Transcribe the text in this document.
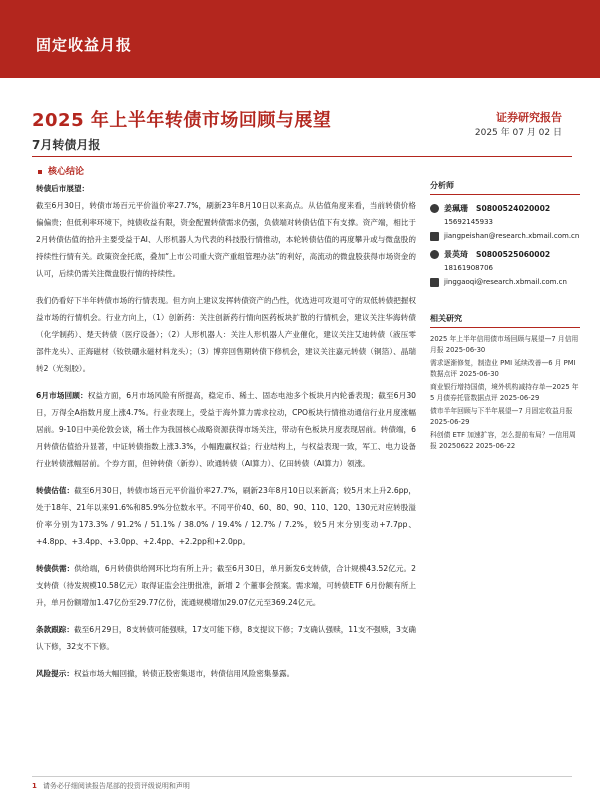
固定收益月报
2025 年上半年转债市场回顾与展望	证券研究报告
2025 年 07 月 02 日
7月转债月报
核心结论

转债后市展望：

截至6月30日，转债市场百元平价溢价率27.7%，刷新23年8月10日以来高点。从估值角度来看，当前转债价格偏偏贵；但低利率环境下，纯债收益有限，资金配置转债需求仍强，负债端对转债估值下有支撑。资产端，相比于2月转债估值的拾升主要受益于AI、人形机器人为代表的科技股行情推动，本轮转债估值的再度攀升或与微盘股的持续性行情有关。政策资金托底，叠加“上市公司重大资产重组管理办法”的利好，高流动的微盘股获得市场资金的认可，后续仍需关注微盘股行情的持续性。

我们仍看好下半年转债市场的行情表现。但方向上建议发挥转债资产的凸性，优选进可攻退可守的双低转债把握权益市场的行情机会。行业方向上，（1）创新药：关注创新药行情向医药板块扩散的行情机会，建议关注华海转债（化学制药）、楚天转债（医疗设备）；（2）人形机器人：关注人形机器人产业催化，建议关注艾迪转债（液压零部件龙头）、正海磁材（钕铁硼永磁材料龙头）；（3）博弈回售期转债下修机会，建议关注嘉元转债（铜箔）、晶瑞转2（光刻胶）。

6月市场回顾：权益方面，6月市场风险有所提高，稳定币、稀土、固态电池多个板块月内轮番表现；截至6月30日，万得全A指数月度上涨4.7%。行业表现上，受益于海外算力需求拉动，CPO板块行情推动通信行业月度涨幅居前。9-10日中美伦敦会谈，稀土作为我国核心战略资源获得市场关注，带动有色板块月度表现居前。转债端，6月转债估值拾升显著，中证转债指数上涨3.3%，小幅跑赢权益；行业结构上，与权益表现一致，军工、电力设备行业转债涨幅居前。个券方面，但钟转债（新券）、欧通转债（AI算力）、亿田转债（AI算力）领涨。

转债估值：截至6月30日，转债市场百元平价溢价率27.7%，刷新23年8月10日以来新高；较5月末上升2.6pp，处于18年、21年以来91.6%和85.9%分位数水平。不同平价40、60、80、90、110、120、130元对应转股溢价率分别为173.3% / 91.2% / 51.1% / 38.0% / 19.4% / 12.7% / 7.2%，较5月末分别变动+7.7pp、+4.8pp、+3.4pp、+3.0pp、+2.4pp、+2.2pp和+2.0pp。

转债供需：供给端，6月转债供给网环比均有所上升；截至6月30日，单月新发6支转债，合计规模43.52亿元。2支转债（待发规模10.58亿元）取得证监会注册批准，新增 2 个董事会预案。需求端，可转债ETF 6月份额有所上升，单月份额增加1.47亿份至29.77亿份，流通规模增加29.07亿元至369.24亿元。

条款跟踪：截至6月29日，8支转债可能强赎，17支可能下修，8支提议下修；7支确认强赎，11支不强赎，3支确认下修，32支不下修。

风险提示：权益市场大幅回撤，转债正股密集退市，转债信用风险密集暴露。

分析师
姜珮珊 S0800524020002
15692145933
jiangpeishan@research.xbmail.com.cn
景英琦 S0800525060002
18161908706
jinggaoqi@research.xbmail.com.cn
相关研究
2025 年上半年信用债市场回顾与展望—7 月信用月报 2025-06-30
需求逐渐修复，制造业 PMI 延续改善—6 月 PMI 数据点评 2025-06-30
商业银行增持国债，境外机构减持存单—2025 年 5 月债券托管数据点评 2025-06-29
债市半年回顾与下半年展望—7 月固定收益月报 2025-06-29
科创债 ETF 加速扩容，怎么提前布局？—信用周报 20250622 2025-06-22
1 请务必仔细阅读报告尾部的投资评级说明和声明
